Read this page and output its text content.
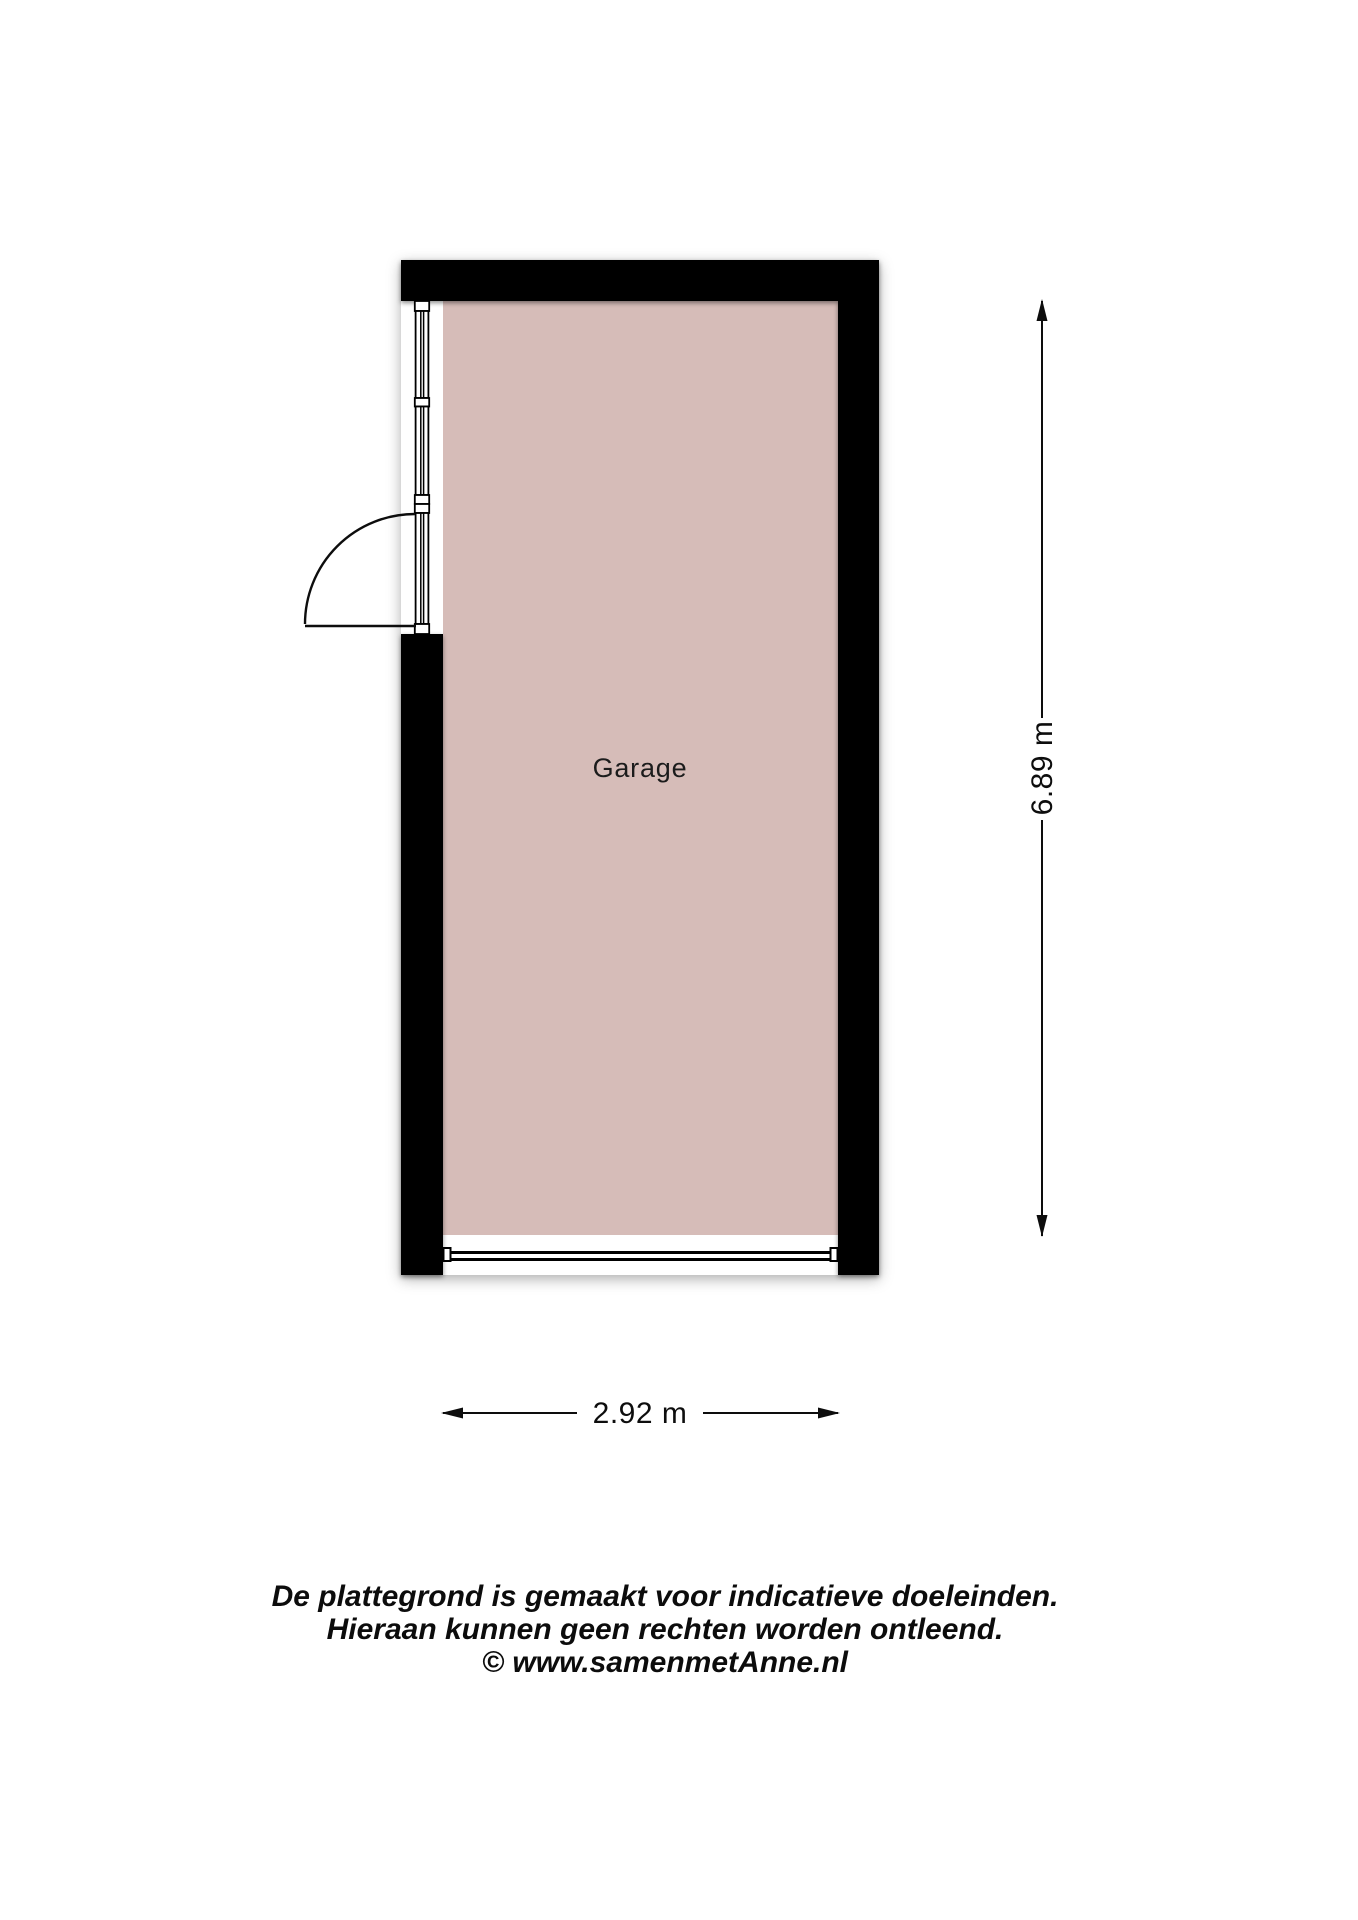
6.89 m
2.92 m
Garage
De plattegrond is gemaakt voor indicatieve doeleinden.
Hieraan kunnen geen rechten worden ontleend.
© www.samenmetAnne.nl
